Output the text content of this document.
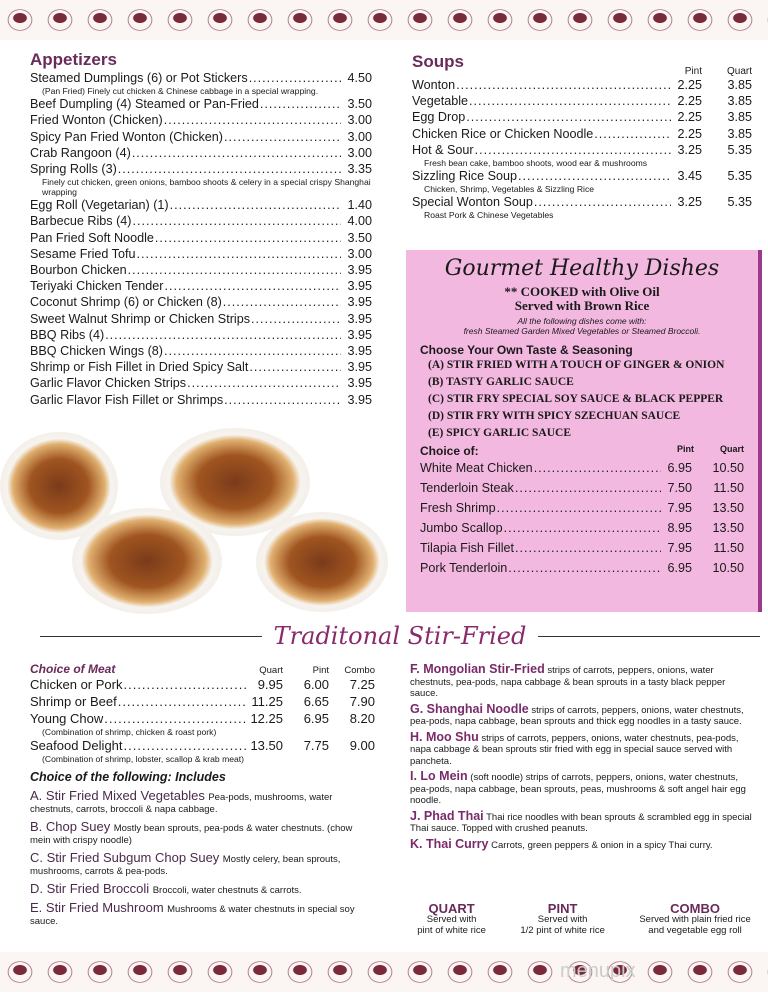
Appetizers
Steamed Dumplings (6) or Pot Stickers .....	4.50
(Pan Fried) Finely cut chicken & Chinese cabbage in a special wrapping.
Beef Dumpling (4) Steamed or Pan-Fried .....	3.50
Fried Wonton (Chicken) .....	3.00
Spicy Pan Fried Wonton (Chicken) .....	3.00
Crab Rangoon (4) .....	3.00
Spring Rolls (3) .....	3.35
Finely cut chicken, green onions, bamboo shoots & celery in a special crispy Shanghai wrapping
Egg Roll (Vegetarian) (1) .....	1.40
Barbecue Ribs (4) .....	4.00
Pan Fried Soft Noodle .....	3.50
Sesame Fried Tofu .....	3.00
Bourbon Chicken .....	3.95
Teriyaki Chicken Tender .....	3.95
Coconut Shrimp (6) or Chicken (8) .....	3.95
Sweet Walnut Shrimp or Chicken Strips .....	3.95
BBQ Ribs (4) .....	3.95
BBQ Chicken Wings (8) .....	3.95
Shrimp or Fish Fillet in Dried Spicy Salt .....	3.95
Garlic Flavor Chicken Strips .....	3.95
Garlic Flavor Fish Fillet or Shrimps .....	3.95
Soups
Pint	Quart
Wonton .....	2.25	3.85
Vegetable .....	2.25	3.85
Egg Drop .....	2.25	3.85
Chicken Rice or Chicken Noodle .....	2.25	3.85
Hot & Sour .....	3.25	5.35
Fresh bean cake, bamboo shoots, wood ear & mushrooms
Sizzling Rice Soup .....	3.45	5.35
Chicken, Shrimp, Vegetables & Sizzling Rice
Special Wonton Soup .....	3.25	5.35
Roast Pork & Chinese Vegetables
Gourmet Healthy Dishes
** COOKED with Olive Oil
Served with Brown Rice
All the following dishes come with:
fresh Steamed Garden Mixed Vegetables or Steamed Broccoli.
Choose Your Own Taste & Seasoning
(A) STIR FRIED WITH A TOUCH OF GINGER & ONION
(B) TASTY GARLIC SAUCE
(C) STIR FRY SPECIAL SOY SAUCE & BLACK PEPPER
(D) STIR FRY WITH SPICY SZECHUAN SAUCE
(E) SPICY GARLIC SAUCE
Choice of:	Pint	Quart
White Meat Chicken .....	6.95	10.50
Tenderloin Steak .....	7.50	11.50
Fresh Shrimp .....	7.95	13.50
Jumbo Scallop .....	8.95	13.50
Tilapia Fish Fillet .....	7.95	11.50
Pork Tenderloin .....	6.95	10.50
Traditonal Stir-Fried
Choice of Meat	Quart	Pint	Combo
Chicken or Pork .....	9.95	6.00	7.25
Shrimp or Beef .....	11.25	6.65	7.90
Young Chow .....	12.25	6.95	8.20
(Combination of shrimp, chicken & roast pork)
Seafood Delight .....	13.50	7.75	9.00
(Combination of shrimp, lobster, scallop & krab meat)
Choice of the following: Includes
A. Stir Fried Mixed Vegetables Pea-pods, mushrooms, water chestnuts, carrots, broccoli & napa cabbage.
B. Chop Suey Mostly bean sprouts, pea-pods & water chestnuts. (chow mein with crispy noodle)
C. Stir Fried Subgum Chop Suey Mostly celery, bean sprouts, mushrooms, carrots & pea-pods.
D. Stir Fried Broccoli Broccoli, water chestnuts & carrots.
E. Stir Fried Mushroom Mushrooms & water chestnuts in special soy sauce.
F. Mongolian Stir-Fried strips of carrots, peppers, onions, water chestnuts, pea-pods, napa cabbage & bean sprouts in a tasty black pepper sauce.
G. Shanghai Noodle strips of carrots, peppers, onions, water chestnuts, pea-pods, napa cabbage, bean sprouts and thick egg noodles in a tasty sauce.
H. Moo Shu strips of carrots, peppers, onions, water chestnuts, pea-pods, napa cabbage & bean sprouts stir fried with egg in special sauce served with pancheta.
I. Lo Mein (soft noodle) strips of carrots, peppers, onions, water chestnuts, pea-pods, napa cabbage, bean sprouts, peas, mushrooms & soft angel hair egg noodle.
J. Phad Thai Thai rice noodles with bean sprouts & scrambled egg in special Thai sauce. Topped with crushed peanuts.
K. Thai Curry Carrots, green peppers & onion in a spicy Thai curry.
QUART
Served with
pint of white rice
PINT
Served with
1/2 pint of white rice
COMBO
Served with plain fried rice
and vegetable egg roll
menupix
